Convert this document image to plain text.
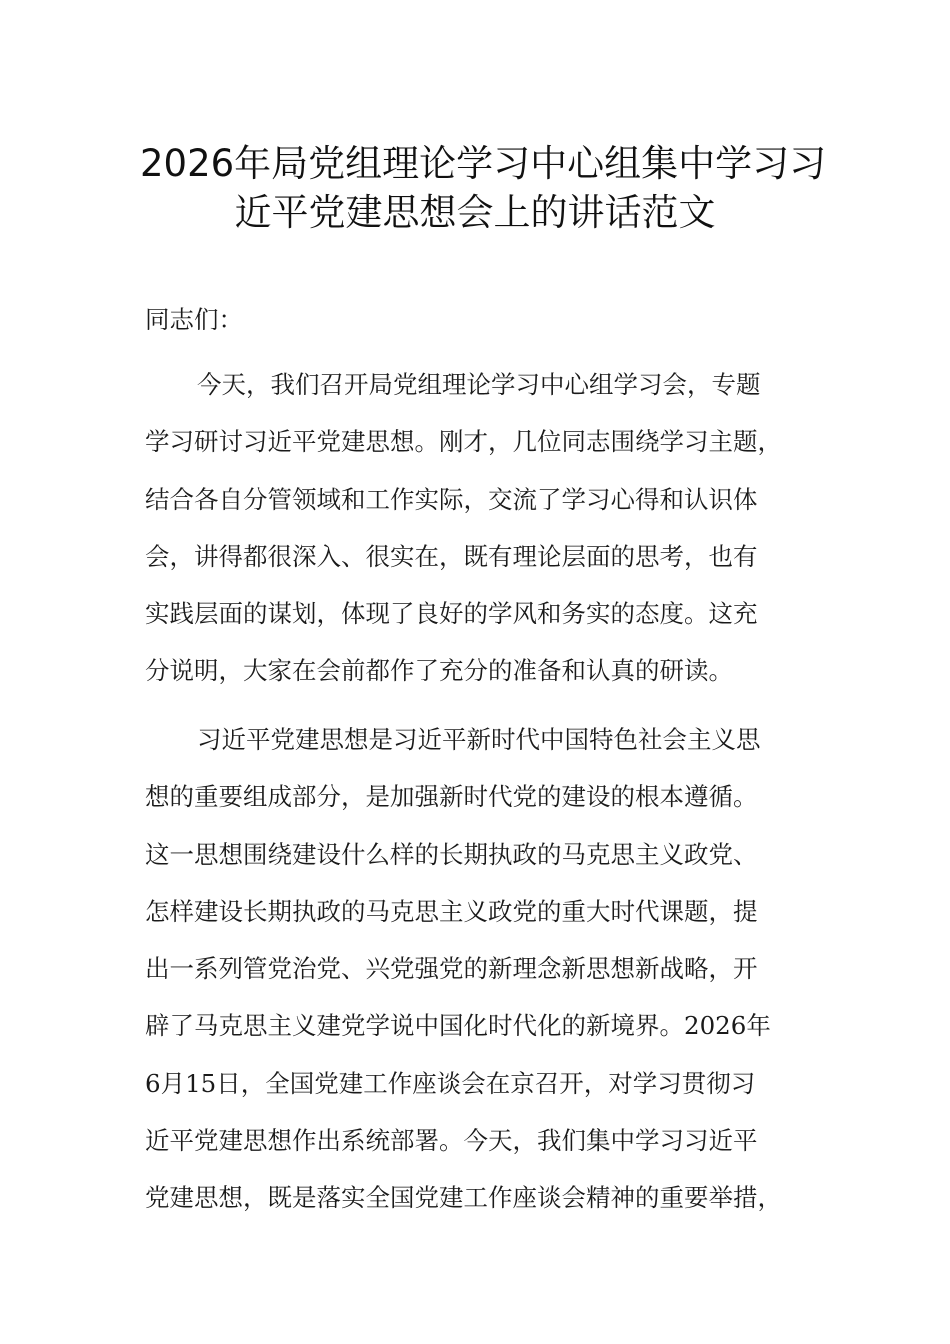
2026年局党组理论学习中心组集中学习习
近平党建思想会上的讲话范文
同志们：
今天，我们召开局党组理论学习中心组学习会，专题
学习研讨习近平党建思想。刚才，几位同志围绕学习主题，
结合各自分管领域和工作实际，交流了学习心得和认识体
会，讲得都很深入、很实在，既有理论层面的思考，也有
实践层面的谋划，体现了良好的学风和务实的态度。这充
分说明，大家在会前都作了充分的准备和认真的研读。
习近平党建思想是习近平新时代中国特色社会主义思
想的重要组成部分，是加强新时代党的建设的根本遵循。
这一思想围绕建设什么样的长期执政的马克思主义政党、
怎样建设长期执政的马克思主义政党的重大时代课题，提
出一系列管党治党、兴党强党的新理念新思想新战略，开
辟了马克思主义建党学说中国化时代化的新境界。2026年
6月15日，全国党建工作座谈会在京召开，对学习贯彻习
近平党建思想作出系统部署。今天，我们集中学习习近平
党建思想，既是落实全国党建工作座谈会精神的重要举措，
